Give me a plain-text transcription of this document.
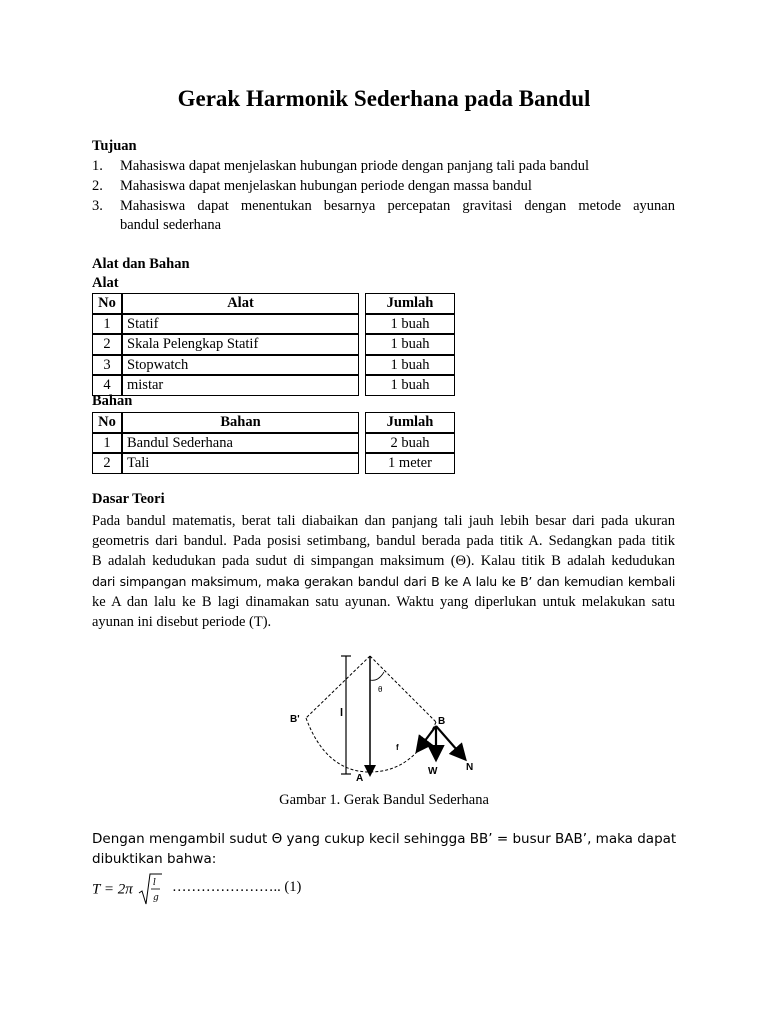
Gerak Harmonik Sederhana pada Bandul
Tujuan
1. Mahasiswa dapat menjelaskan hubungan priode dengan panjang tali pada bandul
2. Mahasiswa dapat menjelaskan hubungan periode dengan massa bandul
3. Mahasiswa dapat menentukan besarnya percepatan gravitasi dengan metode ayunan
bandul sederhana
Alat dan Bahan
Alat
No	Alat		Jumlah
1	Statif		1 buah
2	Skala Pelengkap Statif		1 buah
3	Stopwatch		1 buah
4	mistar		1 buah
Bahan
No	Bahan		Jumlah
1	Bandul Sederhana		2 buah
2	Tali		1 meter
Dasar Teori
Pada bandul matematis, berat tali diabaikan dan panjang tali jauh lebih besar dari pada ukuran
geometris dari bandul. Pada posisi setimbang, bandul berada pada titik A. Sedangkan pada titik
B adalah kedudukan pada sudut di simpangan maksimum (Θ). Kalau titik B adalah kedudukan
dari simpangan maksimum, maka gerakan bandul dari B ke A lalu ke B’ dan kemudian kembali
ke A dan lalu ke B lagi dinamakan satu ayunan. Waktu yang diperlukan untuk melakukan satu
ayunan ini disebut periode (T).
B'	B
A
l
θ
f
W	N
Gambar 1. Gerak Bandul Sederhana
Dengan mengambil sudut Θ yang cukup kecil sehingga BB’ = busur BAB’, maka dapat
dibuktikan bahwa:
T = 2π l
g
………………….. (1)
